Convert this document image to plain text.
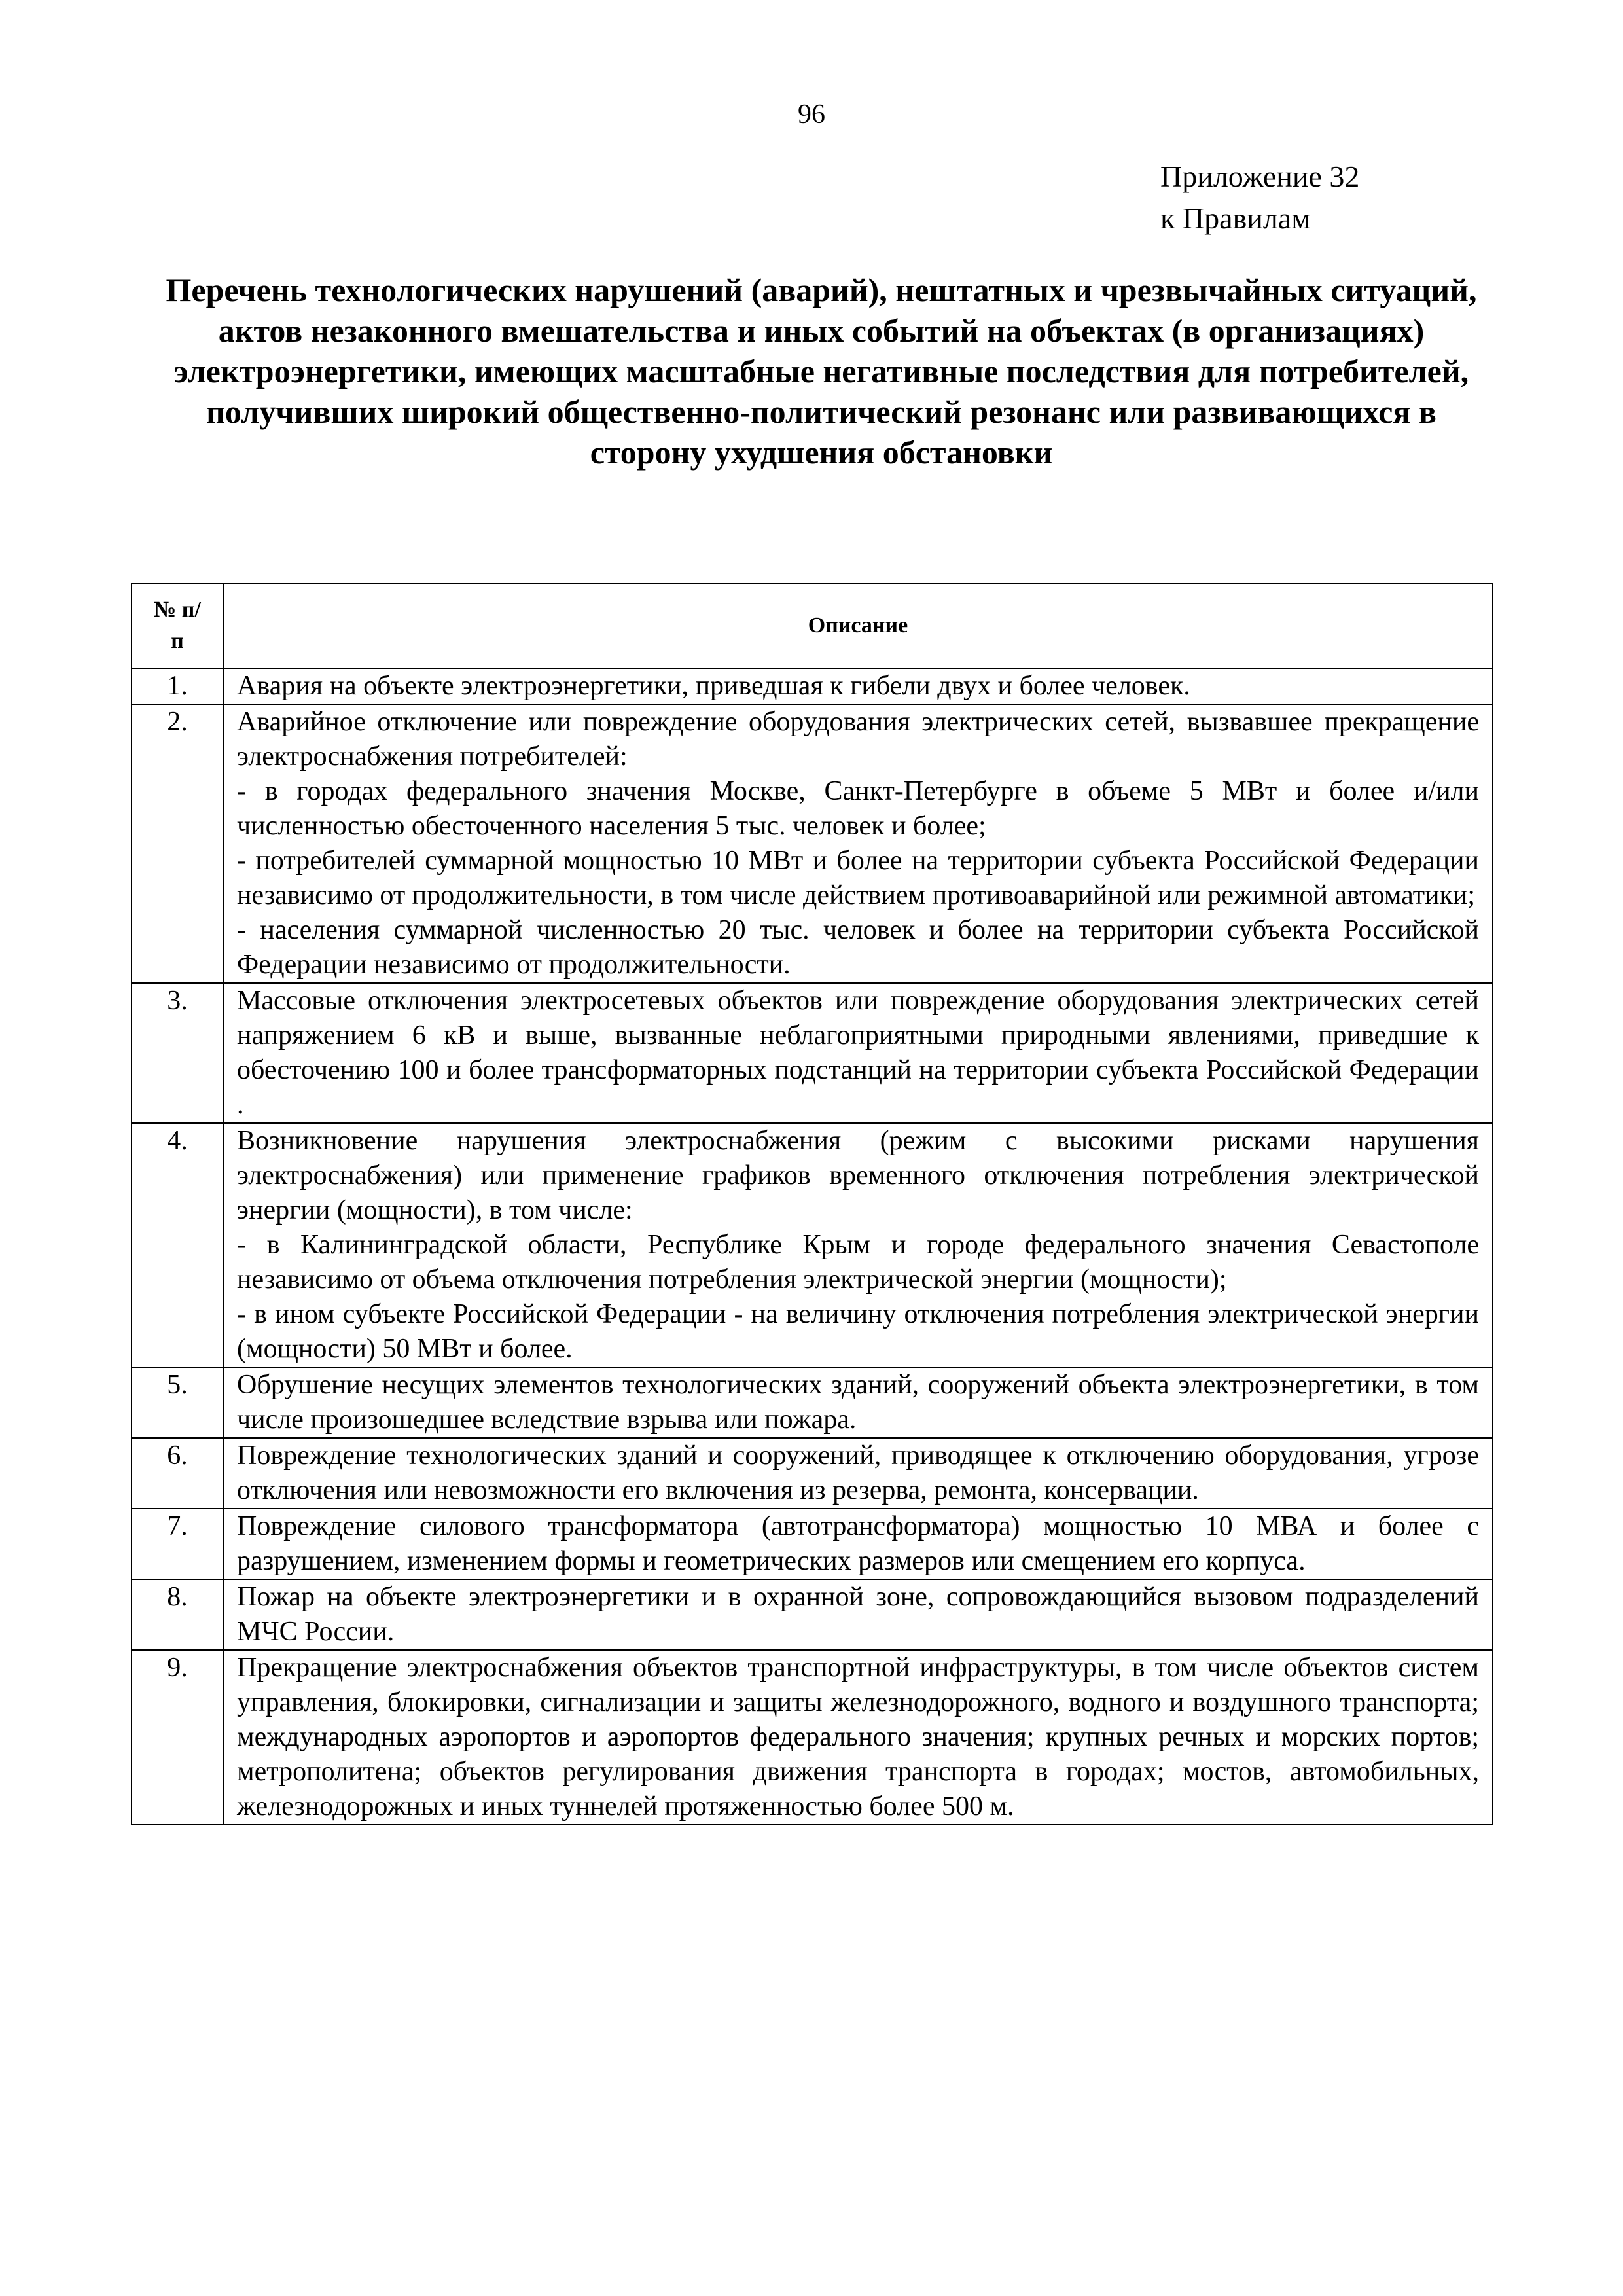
96
Приложение 32
к Правилам
Перечень технологических нарушений (аварий), нештатных и чрезвычайных ситуаций, актов незаконного вмешательства и иных событий на объектах (в организациях) электроэнергетики, имеющих масштабные негативные последствия для потребителей, получивших широкий общественно-политический резонанс или развивающихся в сторону ухудшения обстановки
№ п/п	Описание
1.	Авария на объекте электроэнергетики, приведшая к гибели двух и более человек.

2.	Аварийное отключение или повреждение оборудования электрических сетей, вызвавшее прекращение электроснабжения потребителей:
- в городах федерального значения Москве, Санкт-Петербурге в объеме 5 МВт и более и/или численностью обесточенного населения 5 тыс. человек и более;
- потребителей суммарной мощностью 10 МВт и более на территории субъекта Российской Федерации независимо от продолжительности, в том числе действием противоаварийной или режимной автоматики;
- населения суммарной численностью 20 тыс. человек и более на территории субъекта Российской Федерации независимо от продолжительности.

3.	Массовые отключения электросетевых объектов или повреждение оборудования электрических сетей напряжением 6 кВ и выше, вызванные неблагоприятными природными явлениями, приведшие к обесточению 100 и более трансформаторных подстанций на территории субъекта Российской Федерации .

4.	Возникновение нарушения электроснабжения (режим с высокими рисками нарушения электроснабжения) или применение графиков временного отключения потребления электрической энергии (мощности), в том числе:
- в Калининградской области, Республике Крым и городе федерального значения Севастополе независимо от объема отключения потребления электрической энергии (мощности);
- в ином субъекте Российской Федерации - на величину отключения потребления электрической энергии (мощности) 50 МВт и более.

5.	Обрушение несущих элементов технологических зданий, сооружений объекта электроэнергетики, в том числе произошедшее вследствие взрыва или пожара.

6.	Повреждение технологических зданий и сооружений, приводящее к отключению оборудования, угрозе отключения или невозможности его включения из резерва, ремонта, консервации.

7.	Повреждение силового трансформатора (автотрансформатора) мощностью 10 МВА и более с разрушением, изменением формы и геометрических размеров или смещением его корпуса.

8.	Пожар на объекте электроэнергетики и в охранной зоне, сопровождающийся вызовом подразделений МЧС России.

9.	Прекращение электроснабжения объектов транспортной инфраструктуры, в том числе объектов систем управления, блокировки, сигнализации и защиты железнодорожного, водного и воздушного транспорта; международных аэропортов и аэропортов федерального значения; крупных речных и морских портов; метрополитена; объектов регулирования движения транспорта в городах; мостов, автомобильных, железнодорожных и иных туннелей протяженностью более 500 м.
